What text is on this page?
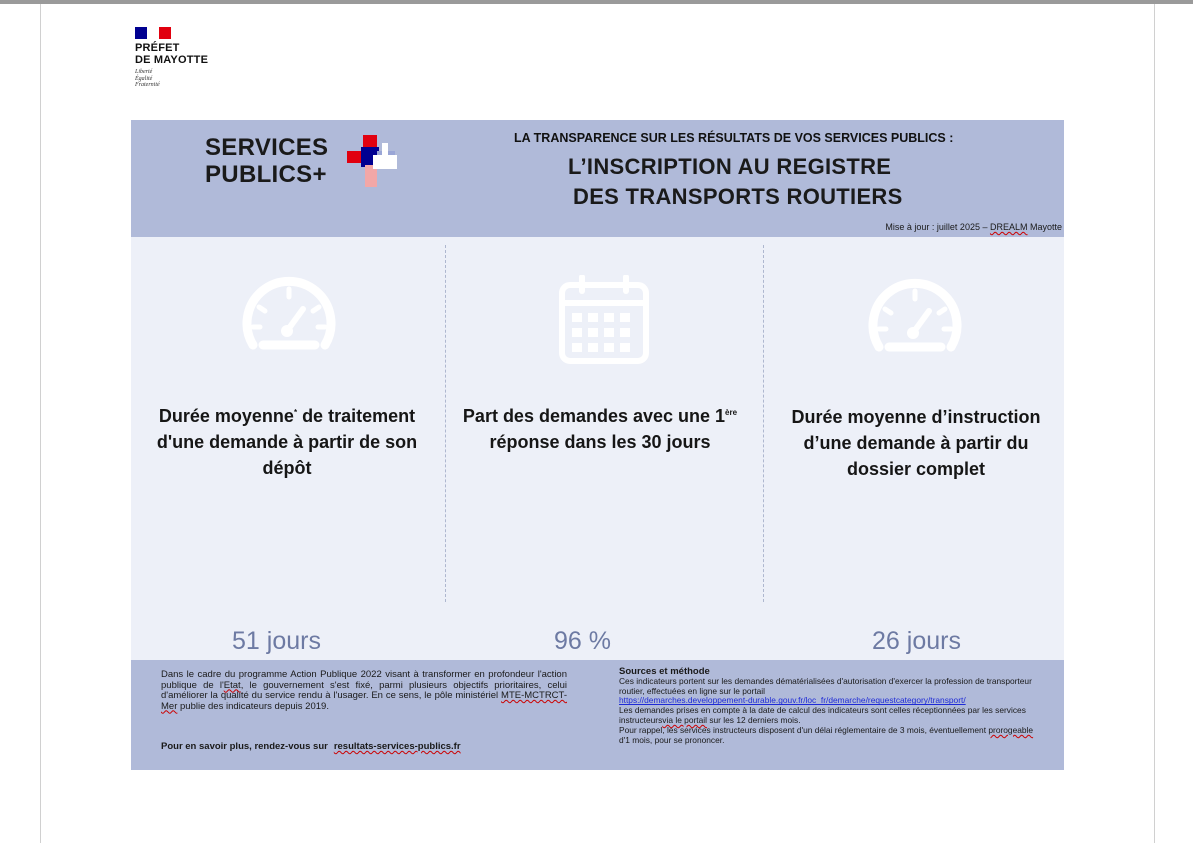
PRÉFET
DE MAYOTTE
Liberté
Égalité
Fraternité
SERVICES
PUBLICS+
LA TRANSPARENCE SUR LES RÉSULTATS DE VOS SERVICES PUBLICS :
L’INSCRIPTION AU REGISTRE
DES TRANSPORTS ROUTIERS
Mise à jour : juillet 2025 – DREALM Mayotte
Durée moyenne* de traitement d'une demande à partir de son dépôt
51 jours
Part des demandes avec une 1ère réponse dans les 30 jours
96 %
Durée moyenne d’instruction d’une demande à partir du dossier complet
26 jours
Dans le cadre du programme Action Publique 2022 visant à transformer en profondeur l'action publique de l'Etat, le gouvernement s'est fixé, parmi plusieurs objectifs prioritaires, celui d'améliorer la qualité du service rendu à l'usager. En ce sens, le pôle ministériel MTE-MCTRCT-Mer publie des indicateurs depuis 2019.
Pour en savoir plus, rendez-vous sur resultats-services-publics.fr
Sources et méthode
Ces indicateurs portent sur les demandes dématérialisées d'autorisation d'exercer la profession de transporteur routier, effectuées en ligne sur le portail
https://demarches.developpement-durable.gouv.fr/loc_fr/demarche/requestcategory/transport/
Les demandes prises en compte à la date de calcul des indicateurs sont celles réceptionnées par les services instructeursvia le portail sur les 12 derniers mois.
Pour rappel, les services instructeurs disposent d'un délai réglementaire de 3 mois, éventuellement prorogeable d'1 mois, pour se prononcer.
